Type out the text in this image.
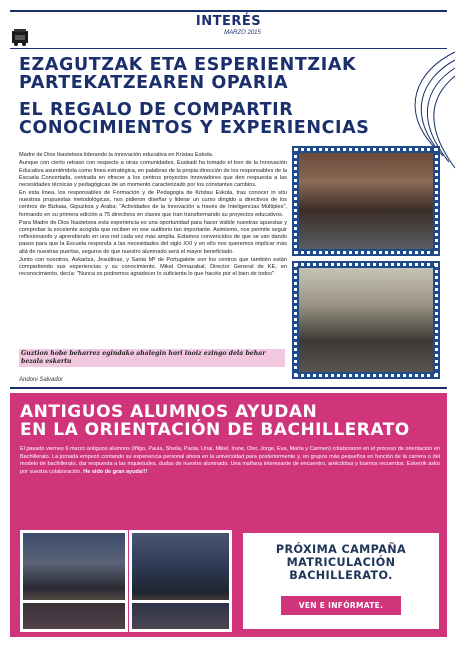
INTERÉS
MARZO 2015
EZAGUTZAK ETA ESPERIENTZIAK
PARTEKATZEAREN OPARIA
EL REGALO DE COMPARTIR
CONOCIMIENTOS Y EXPERIENCIAS

Madre de Dios Ikastetxea liderando la innovación educativa en Kristau Eskola.

Aunque con cierto retraso con respecto a otras comunidades, Euskadi ha tomado el tren de la Innovación Educativa asumiéndola como línea estratégica, en palabras de la propia dirección de los responsables de la Escuela Concertada, centrada en ofrecer a los centros proyectos innovadores que den respuesta a las necesidades técnicas y pedagógicas de un momento caracterizado por los constantes cambios.

En esta línea, los responsables de Formación y de Pedagogía de Kristau Eskola, tras conocer in situ nuestras propuestas metodológicas, nos pidieron diseñar y liderar un curso dirigido a directivos de los centros de Bizkaia, Gipuzkoa y Araba: "Actividades de la Innovación a través de Inteligencias Múltiples", formando en su primera edición a 75 directivos en claves que tran transformando su proyectos educativos.

Para Madre de Dios Ikastetxea esta experiencia es una oportunidad para hacer visible nuestras apuestas y comprobar la excelente acogida que reciben en ese auditorio tan importante. Asimismo, nos permite seguir reflexionando y aprendiendo en una red cada vez más amplia. Estamos convencidos de que se van dando pasos para que la Escuela responda a las necesidades del siglo XXI y en ello nos queremos implicar más allá de nuestras puertas, seguros de que nuestro alumnado será el mayor beneficiado.

Junto con nosotros, Askartza, Jesuitinas, y Santa Mª de Portugalete son los centros que también están compartiendo sus experiencias y su conocimiento. Mikel Ormazabal, Director General de KE, en reconocimiento, decía: "Nunca os podremos agradecer lo suficiente lo que hacéis por el bien de todos"

Guztion hobe beharrez egindako ahalegin hori inoiz ezingo dela behar bezala eskertu
Andoni Salvador
ANTIGUOS ALUMNOS AYUDAN
EN LA ORIENTACIÓN DE BACHILLERATO
El pasado viernes 6 marzo antiguos alumnos (Iñigo, Paula, Sheila, Paola, Unai, Mikel, Irune, Oier, Jorge, Eva, María y Carmen) colaboraron en el proceso de orientación en Bachillerato. La jornada empezó contando su experiencia personal ahora en la universidad para posteriormente y, en grupos más pequeños en función de la carrera o del modelo de bachillerato, dar respuesta a las inquietudes, dudas de nuestro alumnado. Una mañana interesante de encuentro, anécdotas y buenos recuerdos. Eskerrik asko por vuestra colaboración. He sido de gran ayuda!!!
PRÓXIMA CAMPAÑA
MATRICULACIÓN
BACHILLERATO.
VEN E INFÓRMATE.
